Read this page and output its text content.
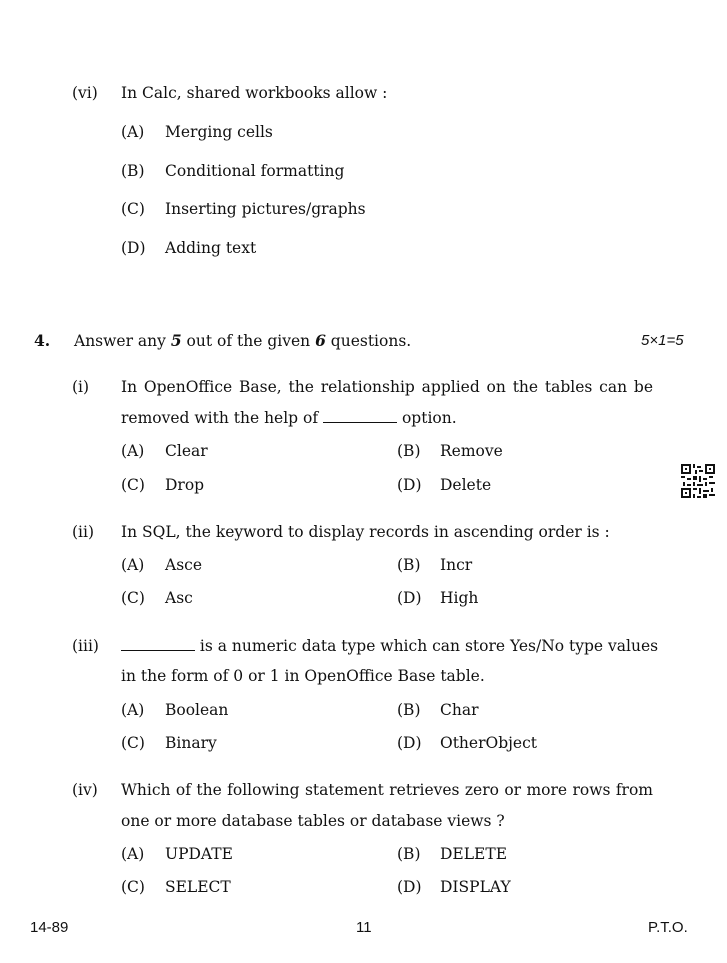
(vi) In Calc, shared workbooks allow :
(A) Merging cells
(B) Conditional formatting
(C) Inserting pictures/graphs
(D) Adding text
4. Answer any 5 out of the given 6 questions.	5×1=5
(i) In OpenOffice Base, the relationship applied on the tables can be
removed with the help of	option.
(A) Clear	(B) Remove
(C) Drop	(D) Delete
(ii) In SQL, the keyword to display records in ascending order is :
(A) Asce	(B) Incr
(C) Asc	(D) High
(iii)	is a numeric data type which can store Yes/No type values
in the form of 0 or 1 in OpenOffice Base table.
(A) Boolean	(B) Char
(C) Binary	(D) OtherObject
(iv) Which of the following statement retrieves zero or more rows from
one or more database tables or database views ?
(A) UPDATE	(B) DELETE
(C) SELECT	(D) DISPLAY
14-89	11	P.T.O.
